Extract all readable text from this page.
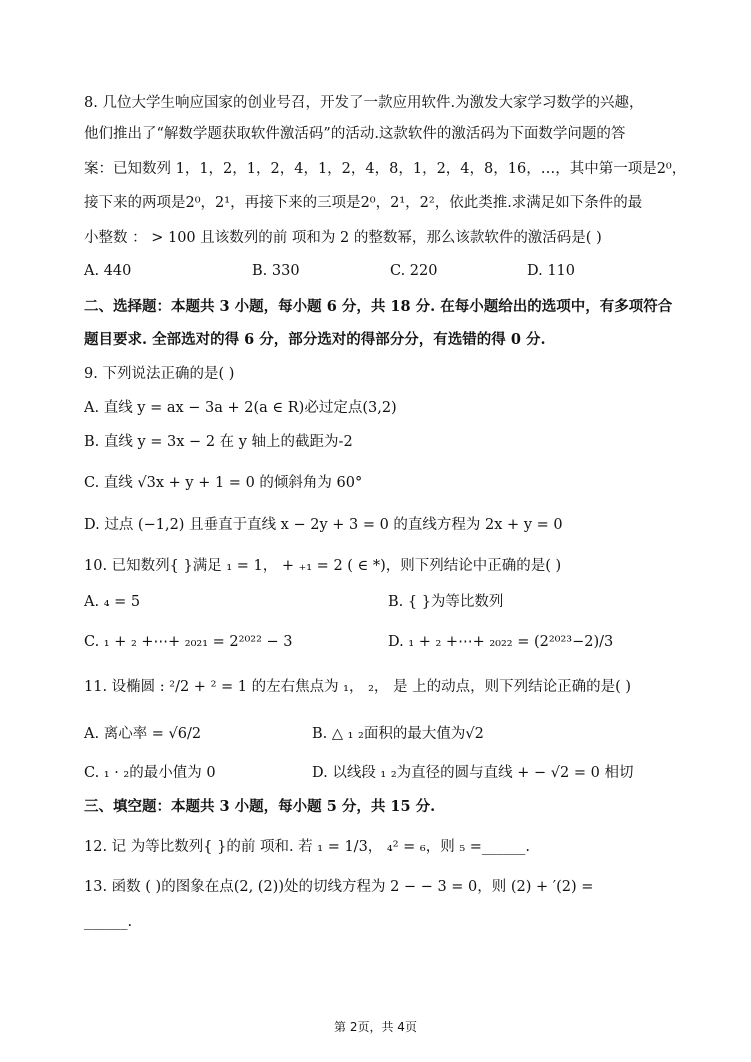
8. 几位大学生响应国家的创业号召，开发了一款应用软件.为激发大家学习数学的兴趣，
他们推出了“解数学题获取软件激活码”的活动.这款软件的激活码为下面数学问题的答
案：已知数列 1，1，2，1，2，4，1，2，4，8，1，2，4，8，16，…，其中第一项是2⁰，
接下来的两项是2⁰，2¹，再接下来的三项是2⁰，2¹，2²，依此类推.求满足如下条件的最
小整数 ： > 100 且该数列的前 项和为 2 的整数幂，那么该款软件的激活码是( )
A. 440	B. 330	C. 220	D. 110
二、选择题：本题共 3 小题，每小题 6 分，共 18 分. 在每小题给出的选项中，有多项符合
题目要求. 全部选对的得 6 分，部分选对的得部分分，有选错的得 0 分.
9. 下列说法正确的是( )
A. 直线 y = ax − 3a + 2(a ∈ R)必过定点(3,2)
B. 直线 y = 3x − 2 在 y 轴上的截距为-2
C. 直线 √3x + y + 1 = 0 的倾斜角为 60°
D. 过点 (−1,2) 且垂直于直线 x − 2y + 3 = 0 的直线方程为 2x + y = 0
10. 已知数列{ }满足 ₁ = 1， + ₊₁ = 2 ( ∈ *)，则下列结论中正确的是( )
A. ₄ = 5	B. { }为等比数列
C. ₁ + ₂ +⋯+ ₂₀₂₁ = 2²⁰²² − 3	D. ₁ + ₂ +⋯+ ₂₀₂₂ = (2²⁰²³−2)/3
11. 设椭圆 : ²/2 + ² = 1 的左右焦点为 ₁， ₂， 是 上的动点，则下列结论正确的是( )
A. 离心率 = √6/2	B. △ ₁ ₂面积的最大值为√2
C. ₁ · ₂的最小值为 0	D. 以线段 ₁ ₂为直径的圆与直线 + − √2 = 0 相切
三、填空题：本题共 3 小题，每小题 5 分，共 15 分.
12. 记 为等比数列{ }的前 项和. 若 ₁ = 1/3， ₄² = ₆，则 ₅ =______.
13. 函数 ( )的图象在点(2, (2))处的切线方程为 2 − − 3 = 0，则 (2) + ′(2) =
______.
第 2页，共 4页
